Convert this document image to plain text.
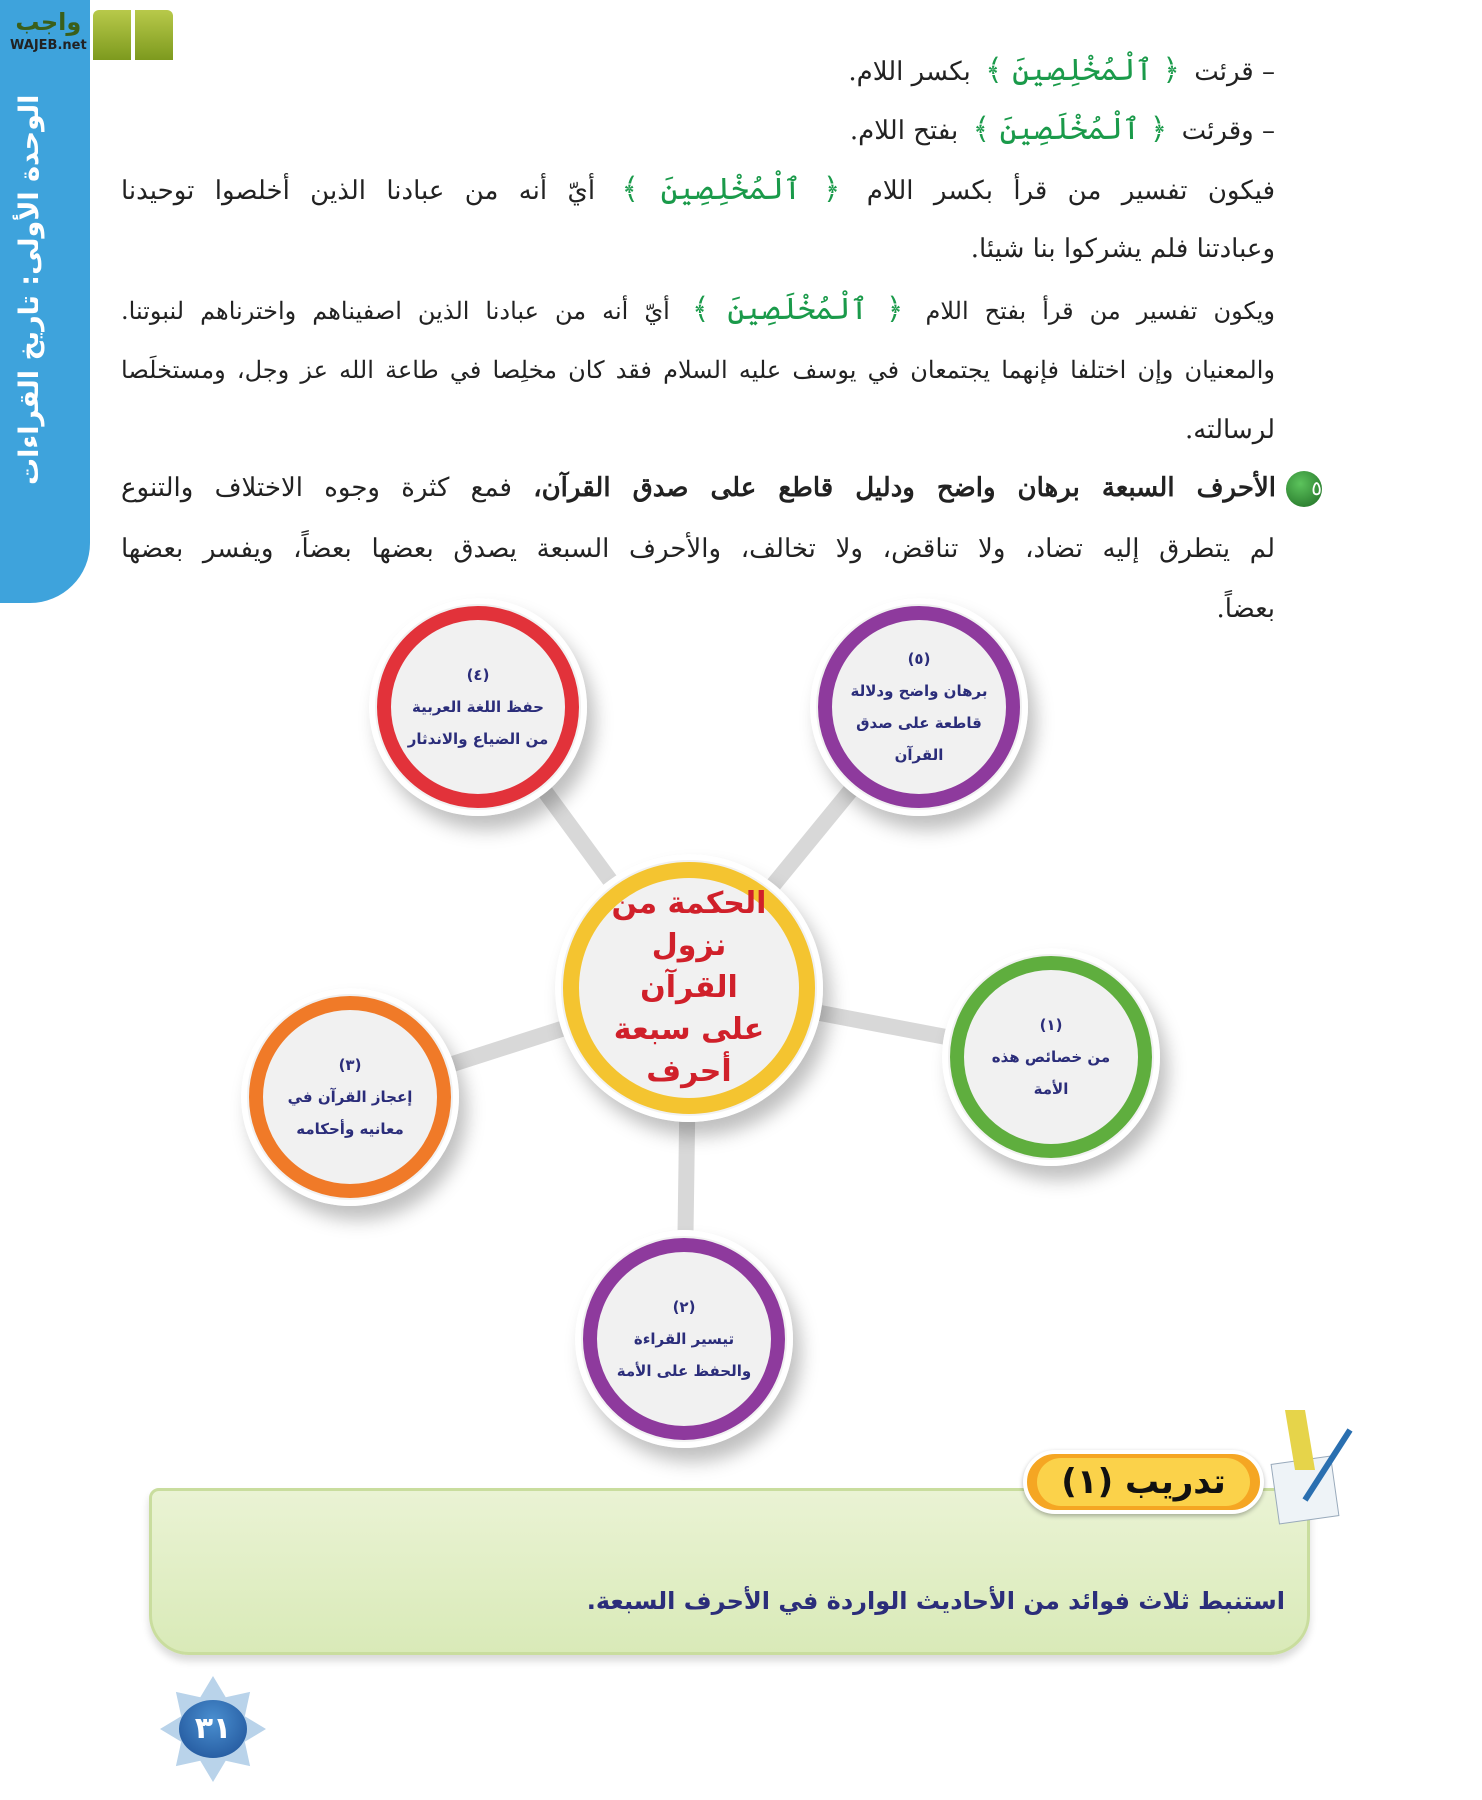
الوحدة الأولى: تاريخ القراءات
واجب
WAJEB.net
– قرئت ﴿ ٱلْمُخْلِصِينَ ﴾ بكسر اللام.
– وقرئت ﴿ ٱلْمُخْلَصِينَ ﴾ بفتح اللام.
فيكون تفسير من قرأ بكسر اللام ﴿ ٱلْمُخْلِصِينَ ﴾ أيّ أنه من عبادنا الذين أخلصوا توحيدنا
وعبادتنا فلم يشركوا بنا شيئا.
ويكون تفسير من قرأ بفتح اللام ﴿ ٱلْمُخْلَصِينَ ﴾ أيّ أنه من عبادنا الذين اصفيناهم واخترناهم لنبوتنا.
والمعنيان وإن اختلفا فإنهما يجتمعان في يوسف عليه السلام فقد كان مخلِصا في طاعة الله عز وجل، ومستخلَصا
لرسالته.
٥الأحرف السبعة برهان واضح ودليل قاطع على صدق القرآن، فمع كثرة وجوه الاختلاف والتنوع
لم يتطرق إليه تضاد، ولا تناقض، ولا تخالف، والأحرف السبعة يصدق بعضها بعضاً، ويفسر بعضها
بعضاً.
(٤)
حفظ اللغة العربية من الضياع والاندثار
(٥)
برهان واضح ودلالة قاطعة على صدق القرآن
(١)
من خصائص هذه الأمة
(٣)
إعجاز القرآن في معانيه وأحكامه
(٢)
تيسير القراءة والحفظ على الأمة
الحكمة من نزول القرآن على سبعة أحرف
استنبط ثلاث فوائد من الأحاديث الواردة في الأحرف السبعة.
تدريب (١)
٣١
